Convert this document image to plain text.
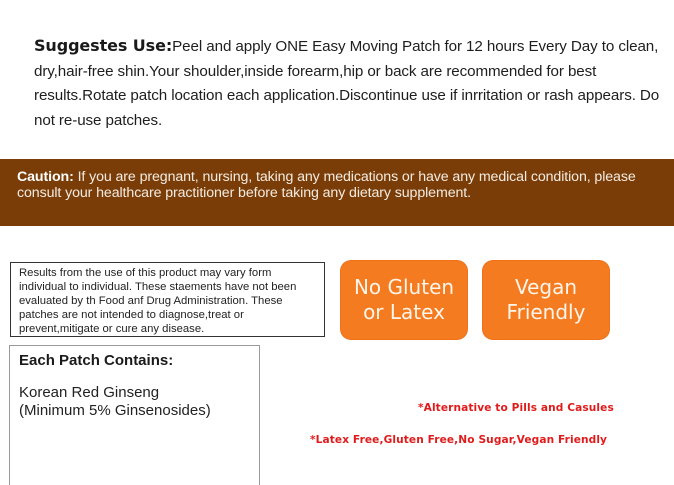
Suggestes Use:Peel and apply ONE Easy Moving Patch for 12 hours Every Day to clean, dry,hair-free shin.Your shoulder,inside forearm,hip or back are recommended for best results.Rotate patch location each application.Discontinue use if inrritation or rash appears. Do not re-use patches.
Caution: If you are pregnant, nursing, taking any medications or have any medical condition, please consult your healthcare practitioner before taking any dietary supplement.
Results from the use of this product may vary form individual to individual. These staements have not been evaluated by th Food anf Drug Administration. These patches are not intended to diagnose,treat or prevent,mitigate or cure any disease.
Each Patch Contains:
Korean Red Ginseng
(Minimum 5% Ginsenosides)
No Gluten
or Latex
Vegan
Friendly
*Alternative to Pills and Casules
*Latex Free,Gluten Free,No Sugar,Vegan Friendly
